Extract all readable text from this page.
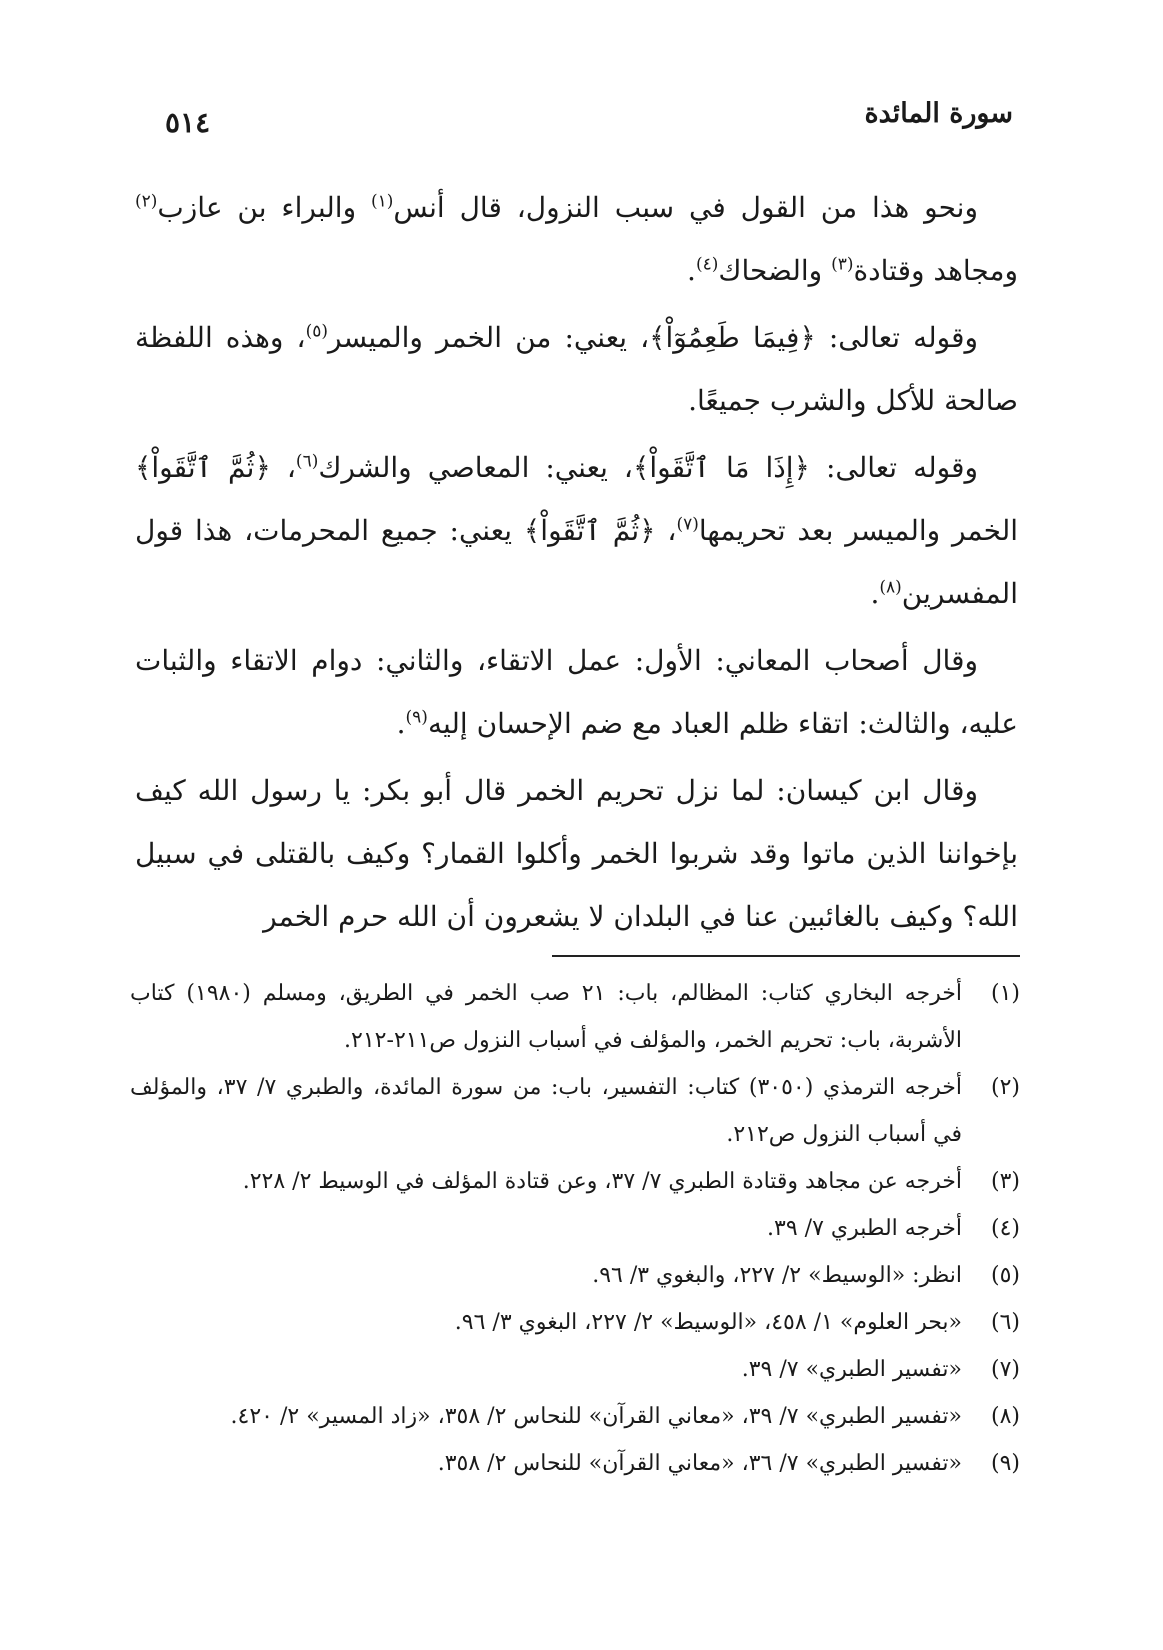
سورة المائدة
٥١٤

ونحو هذا من القول في سبب النزول، قال أنس$^{(١)}$ والبراء بن عازب$^{(٢)}$ ومجاهد وقتادة$^{(٣)}$ والضحاك$^{(٤)}$.

وقوله تعالى: ﴿فِيمَا طَعِمُوٓاْ﴾، يعني: من الخمر والميسر$^{(٥)}$، وهذه اللفظة صالحة للأكل والشرب جميعًا.

وقوله تعالى: ﴿إِذَا مَا ٱتَّقَواْ﴾، يعني: المعاصي والشرك$^{(٦)}$، ﴿ثُمَّ ٱتَّقَواْ﴾ الخمر والميسر بعد تحريمها$^{(٧)}$، ﴿ثُمَّ ٱتَّقَواْ﴾ يعني: جميع المحرمات، هذا قول المفسرين$^{(٨)}$.

وقال أصحاب المعاني: الأول: عمل الاتقاء، والثاني: دوام الاتقاء والثبات عليه، والثالث: اتقاء ظلم العباد مع ضم الإحسان إليه$^{(٩)}$.

وقال ابن كيسان: لما نزل تحريم الخمر قال أبو بكر: يا رسول الله كيف بإخواننا الذين ماتوا وقد شربوا الخمر وأكلوا القمار؟ وكيف بالقتلى في سبيل الله؟ وكيف بالغائبين عنا في البلدان لا يشعرون أن الله حرم الخمر

(١)
أخرجه البخاري كتاب: المظالم، باب: ٢١ صب الخمر في الطريق، ومسلم (١٩٨٠) كتاب الأشربة، باب: تحريم الخمر، والمؤلف في أسباب النزول ص٢١١-٢١٢.
(٢)
أخرجه الترمذي (٣٠٥٠) كتاب: التفسير، باب: من سورة المائدة، والطبري ٧/ ٣٧، والمؤلف في أسباب النزول ص٢١٢.
(٣)
أخرجه عن مجاهد وقتادة الطبري ٧/ ٣٧، وعن قتادة المؤلف في الوسيط ٢/ ٢٢٨.
(٤)
أخرجه الطبري ٧/ ٣٩.
(٥)
انظر: «الوسيط» ٢/ ٢٢٧، والبغوي ٣/ ٩٦.
(٦)
«بحر العلوم» ١/ ٤٥٨، «الوسيط» ٢/ ٢٢٧، البغوي ٣/ ٩٦.
(٧)
«تفسير الطبري» ٧/ ٣٩.
(٨)
«تفسير الطبري» ٧/ ٣٩، «معاني القرآن» للنحاس ٢/ ٣٥٨، «زاد المسير» ٢/ ٤٢٠.
(٩)
«تفسير الطبري» ٧/ ٣٦، «معاني القرآن» للنحاس ٢/ ٣٥٨.
